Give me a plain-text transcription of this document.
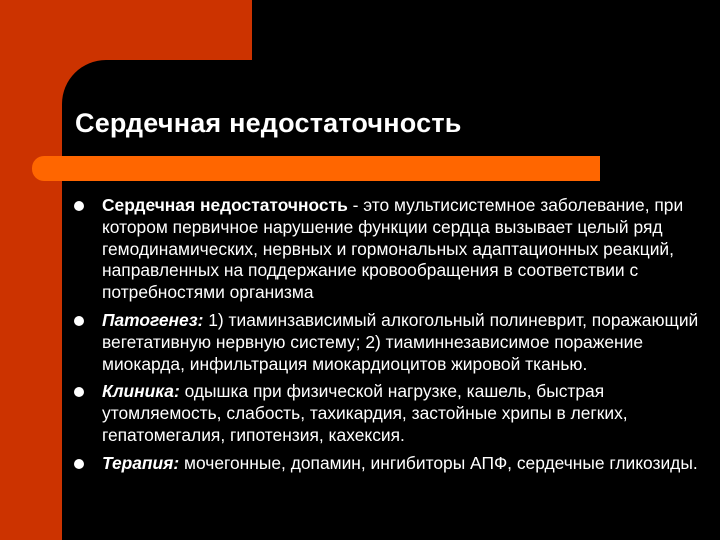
Сердечная недостаточность
Сердечная недостаточность - это мультисистемное заболевание, при котором первичное нарушение функции сердца вызывает целый ряд гемодинамических, нервных и гормональных адаптационных реакций, направленных на поддержание кровообращения в соответствии с потребностями организма
Патогенез: 1) тиаминзависимый алкогольный полиневрит, поражающий вегетативную нервную систему; 2) тиаминнезависимое поражение миокарда, инфильтрация миокардиоцитов жировой тканью.
Клиника: одышка при физической нагрузке, кашель, быстрая утомляемость, слабость, тахикардия, застойные хрипы в легких, гепатомегалия, гипотензия, кахексия.
Терапия: мочегонные, допамин, ингибиторы АПФ, сердечные гликозиды.
